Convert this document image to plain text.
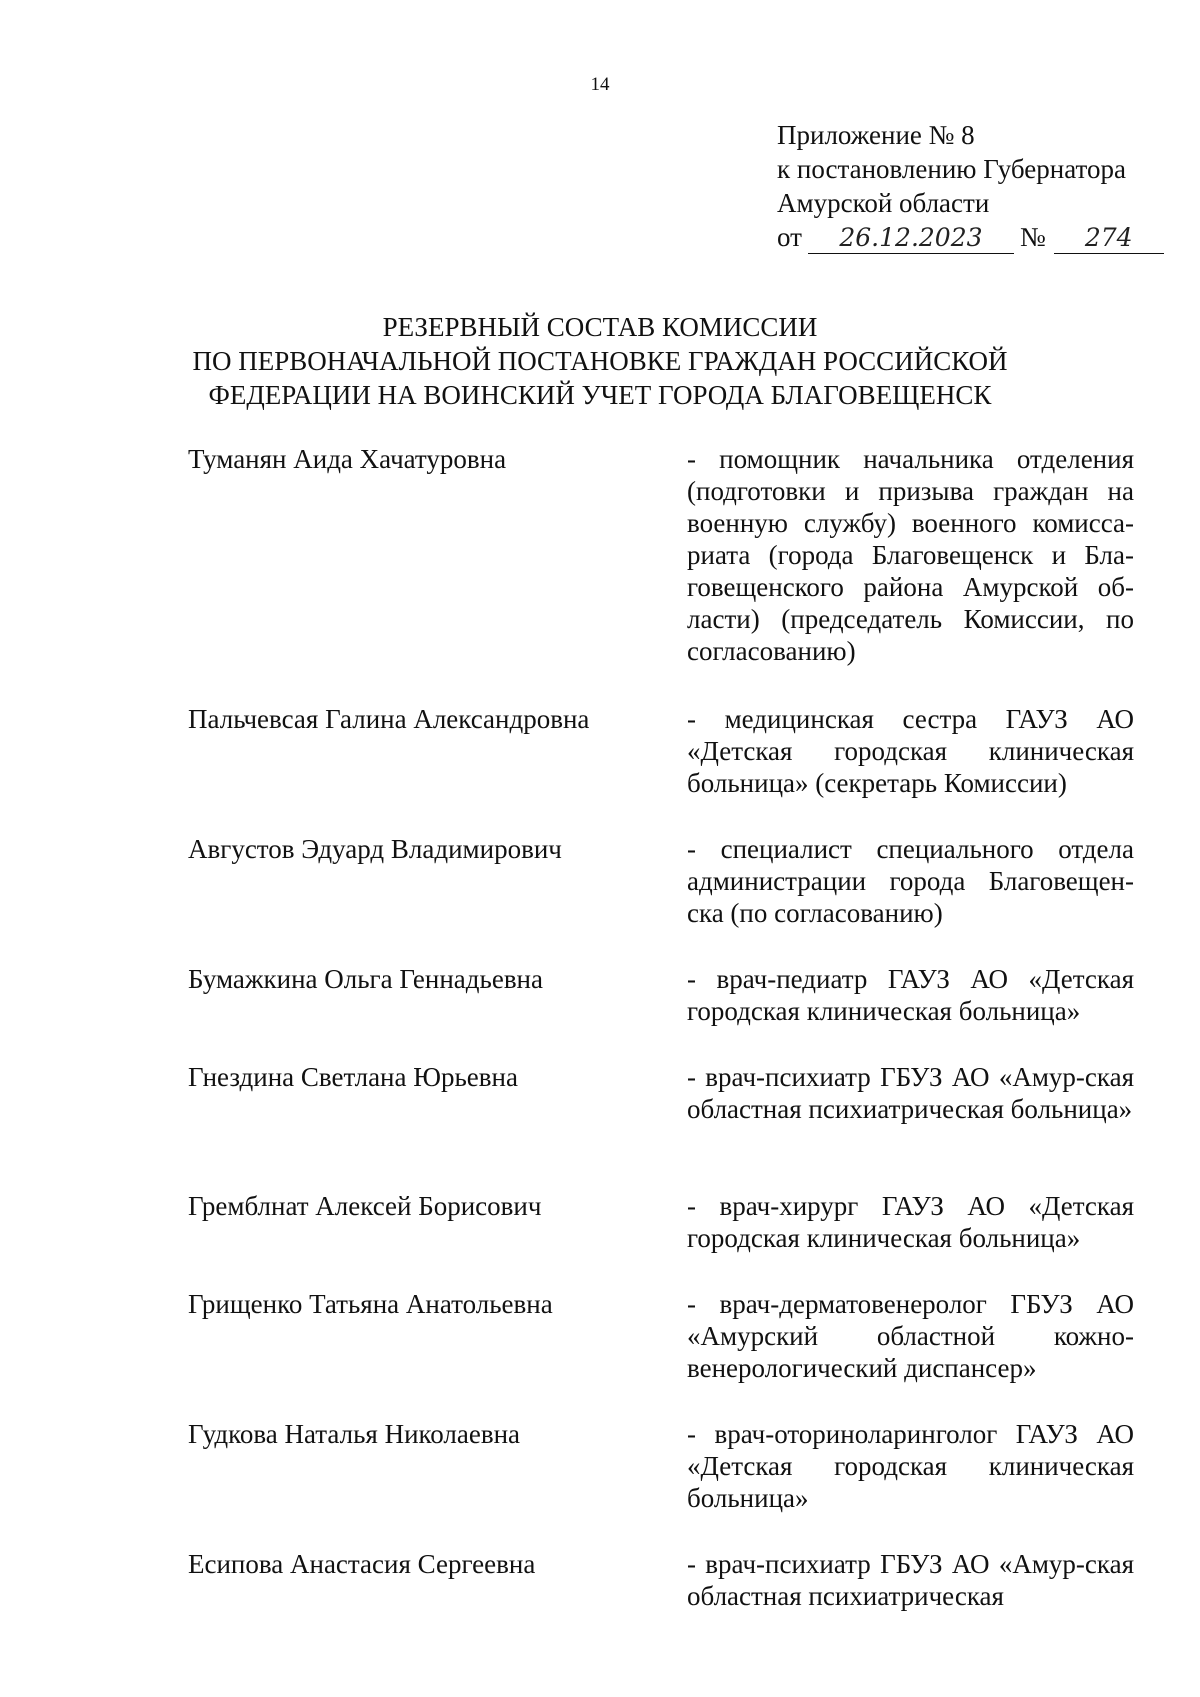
14
Приложение № 8
к постановлению Губернатора
Амурской области
от	26.12.2023	№	274
РЕЗЕРВНЫЙ СОСТАВ КОМИССИИ
ПО ПЕРВОНАЧАЛЬНОЙ ПОСТАНОВКЕ ГРАЖДАН РОССИЙСКОЙ
ФЕДЕРАЦИИ НА ВОИНСКИЙ УЧЕТ ГОРОДА БЛАГОВЕЩЕНСК
Туманян Аида Хачатуровна	- помощник начальника отделения (подготовки и призыва граждан на военную службу) военного комисса-риата (города Благовещенск и Бла-говещенского района Амурской об-ласти) (председатель Комиссии, по согласованию)
Пальчевсая Галина Александровна	- медицинская сестра ГАУЗ АО «Детская городская клиническая больница» (секретарь Комиссии)
Августов Эдуард Владимирович	- специалист специального отдела администрации города Благовещен-ска (по согласованию)
Бумажкина Ольга Геннадьевна	- врач-педиатр ГАУЗ АО «Детская городская клиническая больница»
Гнездина Светлана Юрьевна	- врач-психиатр ГБУЗ АО «Амур-ская областная психиатрическая больница»
Гремблнат Алексей Борисович	- врач-хирург ГАУЗ АО «Детская городская клиническая больница»
Грищенко Татьяна Анатольевна	- врач-дерматовенеролог ГБУЗ АО «Амурский областной кожно-венерологический диспансер»
Гудкова Наталья Николаевна	- врач-оториноларинголог ГАУЗ АО «Детская городская клиническая больница»
Есипова Анастасия Сергеевна	- врач-психиатр ГБУЗ АО «Амур-ская областная психиатрическая
